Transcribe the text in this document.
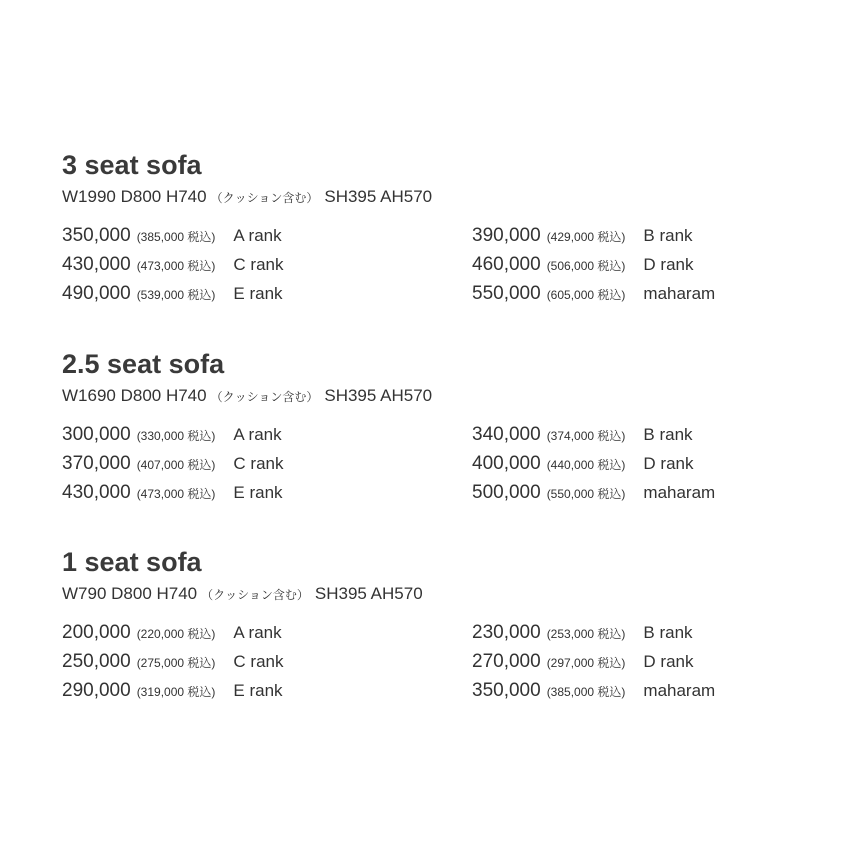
3 seat sofa
W1990 D800 H740 （クッション含む） SH395 AH570
350,000 (385,000 税込) A rank	390,000 (429,000 税込) B rank
430,000 (473,000 税込) C rank	460,000 (506,000 税込) D rank
490,000 (539,000 税込) E rank	550,000 (605,000 税込) maharam
2.5 seat sofa
W1690 D800 H740 （クッション含む） SH395 AH570
300,000 (330,000 税込) A rank	340,000 (374,000 税込) B rank
370,000 (407,000 税込) C rank	400,000 (440,000 税込) D rank
430,000 (473,000 税込) E rank	500,000 (550,000 税込) maharam
1 seat sofa
W790 D800 H740 （クッション含む） SH395 AH570
200,000 (220,000 税込) A rank	230,000 (253,000 税込) B rank
250,000 (275,000 税込) C rank	270,000 (297,000 税込) D rank
290,000 (319,000 税込) E rank	350,000 (385,000 税込) maharam
